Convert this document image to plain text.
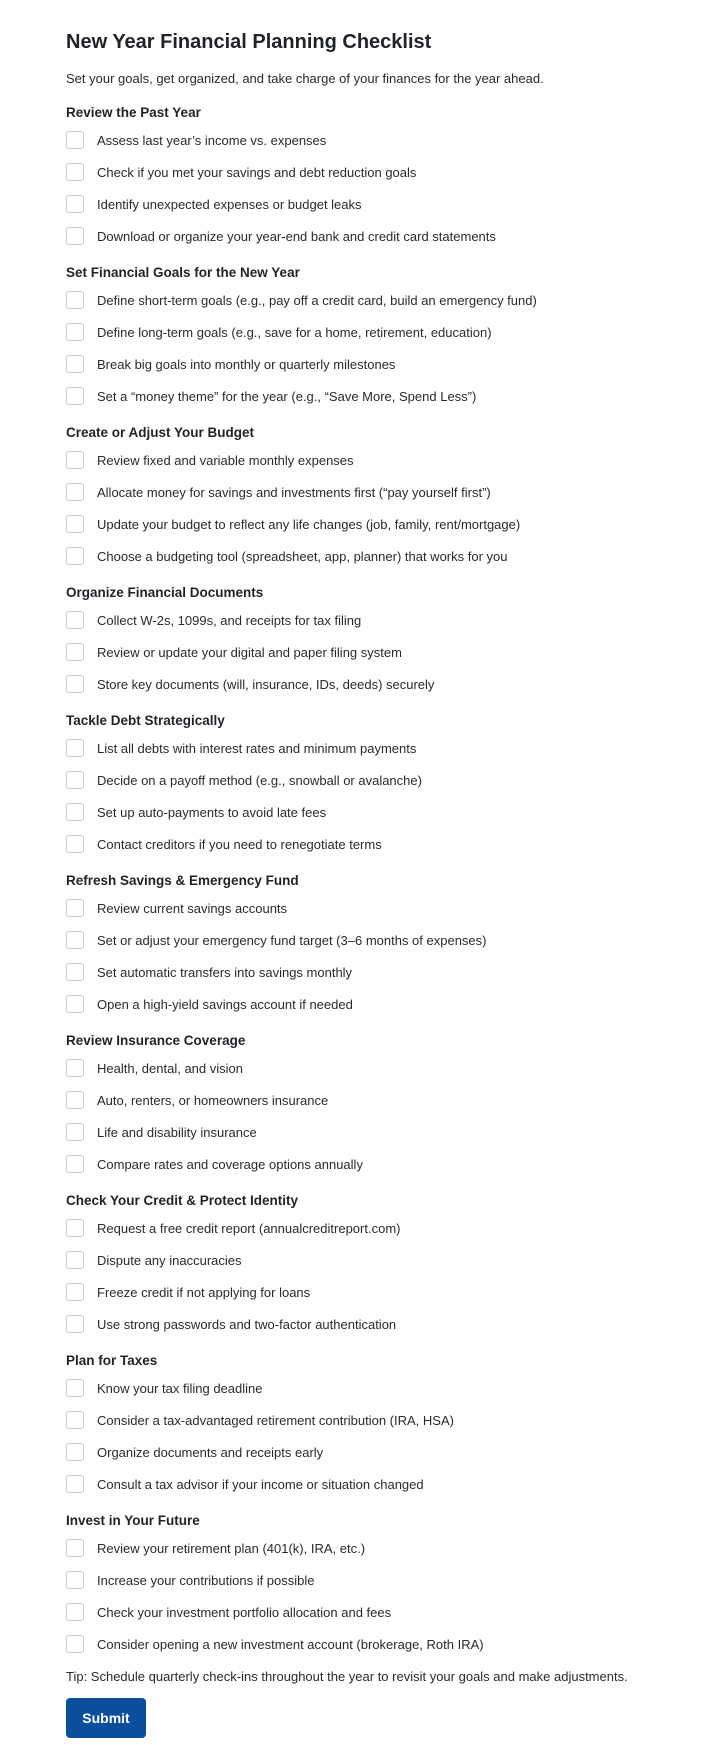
New Year Financial Planning Checklist

Set your goals, get organized, and take charge of your finances for the year ahead.

Review the Past Year
Assess last year’s income vs. expenses
Check if you met your savings and debt reduction goals
Identify unexpected expenses or budget leaks
Download or organize your year-end bank and credit card statements
Set Financial Goals for the New Year
Define short-term goals (e.g., pay off a credit card, build an emergency fund)
Define long-term goals (e.g., save for a home, retirement, education)
Break big goals into monthly or quarterly milestones
Set a “money theme” for the year (e.g., “Save More, Spend Less”)
Create or Adjust Your Budget
Review fixed and variable monthly expenses
Allocate money for savings and investments first (“pay yourself first”)
Update your budget to reflect any life changes (job, family, rent/mortgage)
Choose a budgeting tool (spreadsheet, app, planner) that works for you
Organize Financial Documents
Collect W-2s, 1099s, and receipts for tax filing
Review or update your digital and paper filing system
Store key documents (will, insurance, IDs, deeds) securely
Tackle Debt Strategically
List all debts with interest rates and minimum payments
Decide on a payoff method (e.g., snowball or avalanche)
Set up auto-payments to avoid late fees
Contact creditors if you need to renegotiate terms
Refresh Savings & Emergency Fund
Review current savings accounts
Set or adjust your emergency fund target (3–6 months of expenses)
Set automatic transfers into savings monthly
Open a high-yield savings account if needed
Review Insurance Coverage
Health, dental, and vision
Auto, renters, or homeowners insurance
Life and disability insurance
Compare rates and coverage options annually
Check Your Credit & Protect Identity
Request a free credit report (annualcreditreport.com)
Dispute any inaccuracies
Freeze credit if not applying for loans
Use strong passwords and two-factor authentication
Plan for Taxes
Know your tax filing deadline
Consider a tax-advantaged retirement contribution (IRA, HSA)
Organize documents and receipts early
Consult a tax advisor if your income or situation changed
Invest in Your Future
Review your retirement plan (401(k), IRA, etc.)
Increase your contributions if possible
Check your investment portfolio allocation and fees
Consider opening a new investment account (brokerage, Roth IRA)

Tip: Schedule quarterly check-ins throughout the year to revisit your goals and make adjustments.

Submit
